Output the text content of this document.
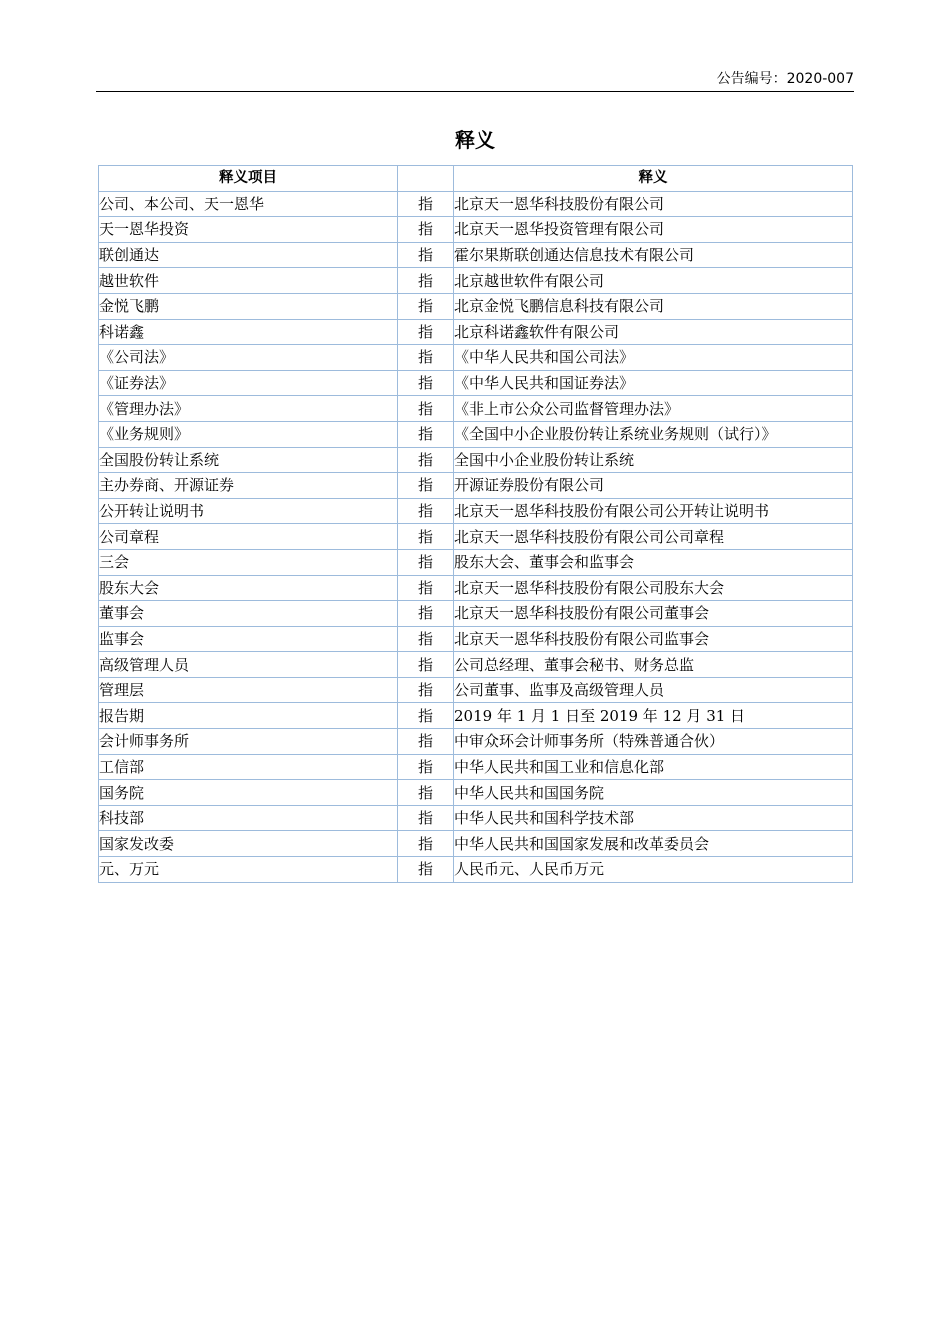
公告编号：2020-007
释义
释义项目		释义
公司、本公司、天一恩华	指	北京天一恩华科技股份有限公司
天一恩华投资	指	北京天一恩华投资管理有限公司
联创通达	指	霍尔果斯联创通达信息技术有限公司
越世软件	指	北京越世软件有限公司
金悦飞鹏	指	北京金悦飞鹏信息科技有限公司
科诺鑫	指	北京科诺鑫软件有限公司
《公司法》	指	《中华人民共和国公司法》
《证券法》	指	《中华人民共和国证券法》
《管理办法》	指	《非上市公众公司监督管理办法》
《业务规则》	指	《全国中小企业股份转让系统业务规则（试行）》
全国股份转让系统	指	全国中小企业股份转让系统
主办券商、开源证券	指	开源证券股份有限公司
公开转让说明书	指	北京天一恩华科技股份有限公司公开转让说明书
公司章程	指	北京天一恩华科技股份有限公司公司章程
三会	指	股东大会、董事会和监事会
股东大会	指	北京天一恩华科技股份有限公司股东大会
董事会	指	北京天一恩华科技股份有限公司董事会
监事会	指	北京天一恩华科技股份有限公司监事会
高级管理人员	指	公司总经理、董事会秘书、财务总监
管理层	指	公司董事、监事及高级管理人员
报告期	指	2019 年 1 月 1 日至 2019 年 12 月 31 日
会计师事务所	指	中审众环会计师事务所（特殊普通合伙）
工信部	指	中华人民共和国工业和信息化部
国务院	指	中华人民共和国国务院
科技部	指	中华人民共和国科学技术部
国家发改委	指	中华人民共和国国家发展和改革委员会
元、万元	指	人民币元、人民币万元
